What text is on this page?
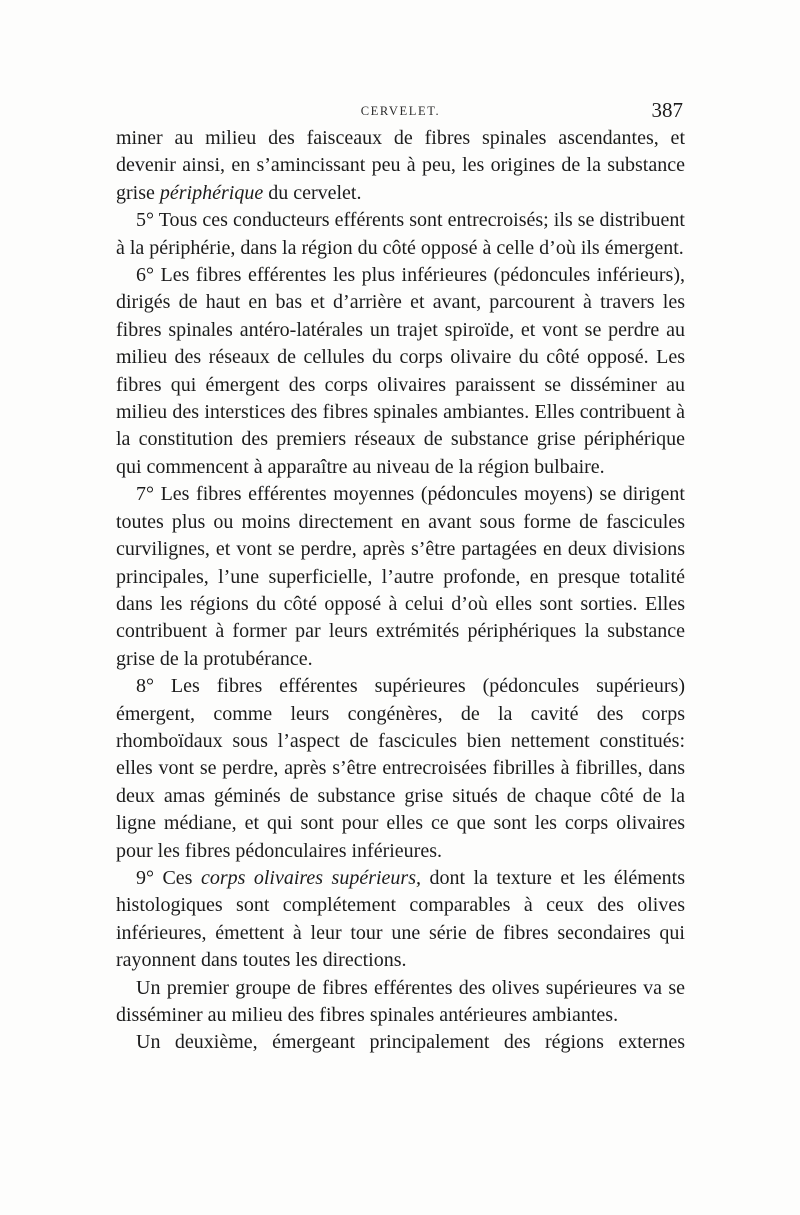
CERVELET.	387

miner au milieu des faisceaux de fibres spinales ascendantes, et devenir ainsi, en s’amincissant peu à peu, les origines de la substance grise périphérique du cervelet.

5° Tous ces conducteurs efférents sont entrecroisés; ils se distribuent à la périphérie, dans la région du côté opposé à celle d’où ils émergent.

6° Les fibres efférentes les plus inférieures (pédoncules inférieurs), dirigés de haut en bas et d’arrière et avant, parcourent à travers les fibres spinales antéro-latérales un trajet spiroïde, et vont se perdre au milieu des réseaux de cellules du corps olivaire du côté opposé. Les fibres qui émergent des corps olivaires paraissent se disséminer au milieu des interstices des fibres spinales ambiantes. Elles contribuent à la constitution des premiers réseaux de substance grise périphérique qui commencent à apparaître au niveau de la région bulbaire.

7° Les fibres efférentes moyennes (pédoncules moyens) se dirigent toutes plus ou moins directement en avant sous forme de fascicules curvilignes, et vont se perdre, après s’être partagées en deux divisions principales, l’une superficielle, l’autre profonde, en presque totalité dans les régions du côté opposé à celui d’où elles sont sorties. Elles contribuent à former par leurs extrémités périphériques la substance grise de la protubérance.

8° Les fibres efférentes supérieures (pédoncules supérieurs) émergent, comme leurs congénères, de la cavité des corps rhomboïdaux sous l’aspect de fascicules bien nettement constitués: elles vont se perdre, après s’être entrecroisées fibrilles à fibrilles, dans deux amas géminés de substance grise situés de chaque côté de la ligne médiane, et qui sont pour elles ce que sont les corps olivaires pour les fibres pédonculaires inférieures.

9° Ces corps olivaires supérieurs, dont la texture et les éléments histologiques sont complétement comparables à ceux des olives inférieures, émettent à leur tour une série de fibres secondaires qui rayonnent dans toutes les directions.

Un premier groupe de fibres efférentes des olives supérieures va se disséminer au milieu des fibres spinales antérieures ambiantes.

Un deuxième, émergeant principalement des régions externes
